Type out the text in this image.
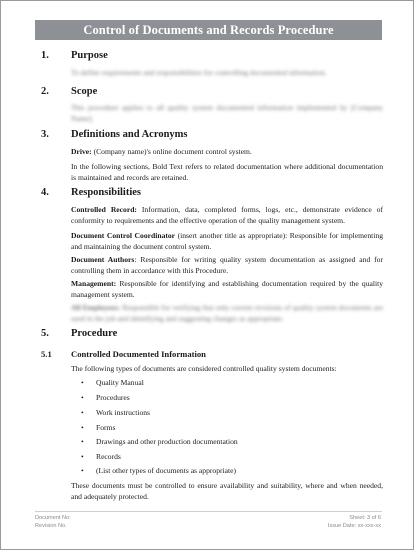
Control of Documents and Records Procedure
1. Purpose
To define requirements and responsibilities for controlling documented information.
2. Scope
This procedure applies to all quality system documented information implemented by [Company Name].
3. Definitions and Acronyms
Drive: (Company name)'s online document control system.
In the following sections, Bold Text refers to related documentation where additional documentation is maintained and records are retained.
4. Responsibilities
Controlled Record: Information, data, completed forms, logs, etc., demonstrate evidence of conformity to requirements and the effective operation of the quality management system.
Document Control Coordinator (insert another title as appropriate): Responsible for implementing and maintaining the document control system.
Document Authors: Responsible for writing quality system documentation as assigned and for controlling them in accordance with this Procedure.
Management: Responsible for identifying and establishing documentation required by the quality management system.
All Employees: Responsible for verifying that only current revisions of quality system documents are used in the job and identifying and suggesting changes as appropriate.
5. Procedure
5.1 Controlled Documented Information
The following types of documents are considered controlled quality system documents:
• Quality Manual
• Procedures
• Work instructions
• Forms
• Drawings and other production documentation
• Records
• (List other types of documents as appropriate)
These documents must be controlled to ensure availability and suitability, where and when needed, and adequately protected.
Document No:
Revision No.
Sheet: 3 of 6
Issue Date: xx-xxx-xx
